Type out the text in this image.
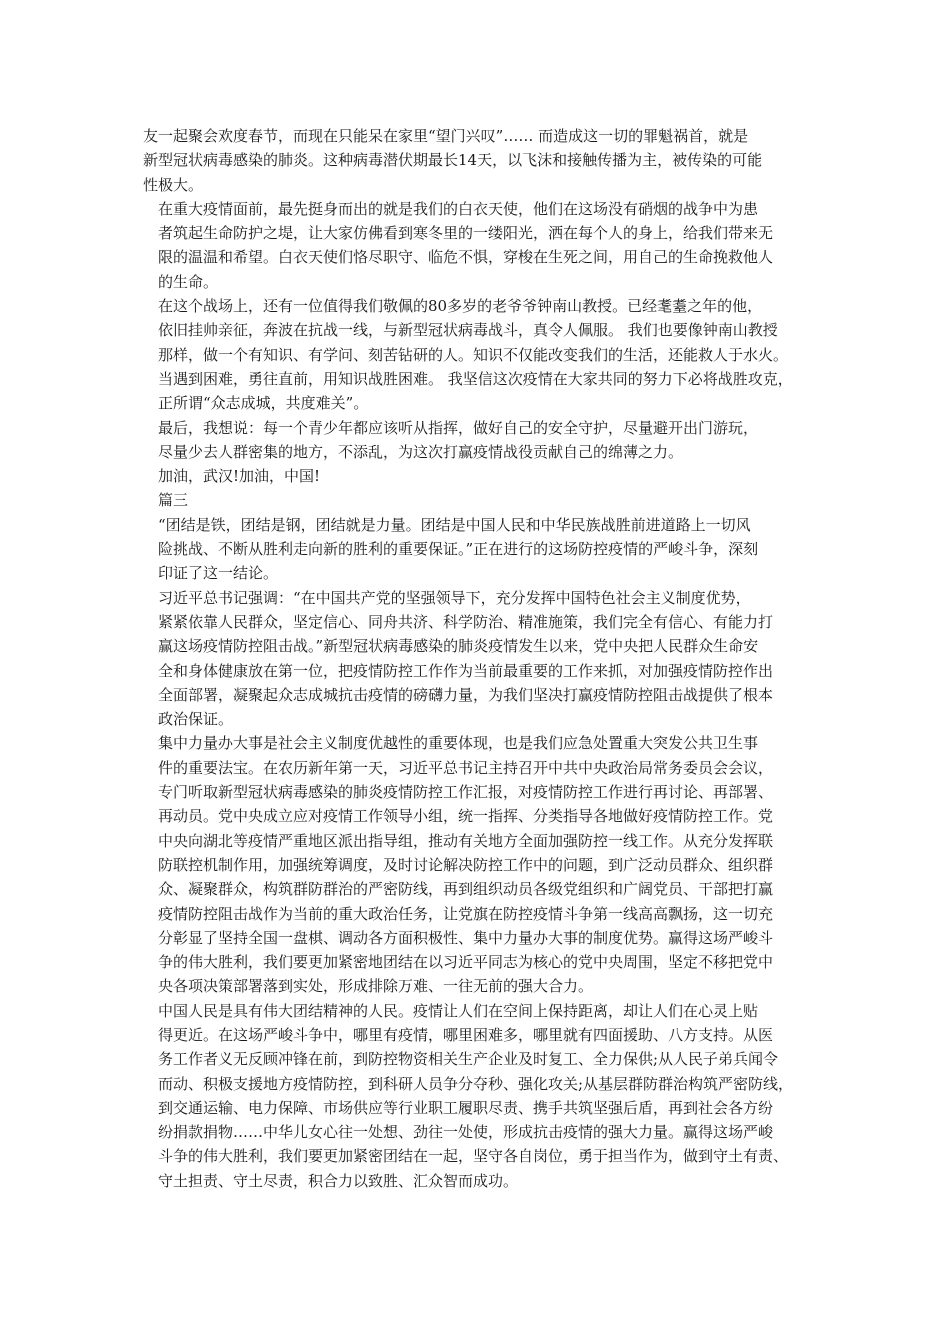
友一起聚会欢度春节，而现在只能呆在家里“望门兴叹”…… 而造成这一切的罪魁祸首，就是
新型冠状病毒感染的肺炎。这种病毒潜伏期最长14天，以飞沫和接触传播为主，被传染的可能
性极大。
在重大疫情面前，最先挺身而出的就是我们的白衣天使，他们在这场没有硝烟的战争中为患
者筑起生命防护之堤，让大家仿佛看到寒冬里的一缕阳光，洒在每个人的身上，给我们带来无
限的温温和希望。白衣天使们恪尽职守、临危不惧，穿梭在生死之间，用自己的生命挽救他人
的生命。
在这个战场上，还有一位值得我们敬佩的80多岁的老爷爷钟南山教授。已经耄耋之年的他，
依旧挂帅亲征，奔波在抗战一线，与新型冠状病毒战斗，真令人佩服。 我们也要像钟南山教授
那样，做一个有知识、有学问、刻苦钻研的人。知识不仅能改变我们的生活，还能救人于水火。
当遇到困难，勇往直前，用知识战胜困难。 我坚信这次疫情在大家共同的努力下必将战胜攻克，
正所谓“众志成城，共度难关”。
最后，我想说：每一个青少年都应该听从指挥，做好自己的安全守护，尽量避开出门游玩，
尽量少去人群密集的地方，不添乱，为这次打赢疫情战役贡献自己的绵薄之力。
加油，武汉!加油，中国!
篇三
“团结是铁，团结是钢，团结就是力量。团结是中国人民和中华民族战胜前进道路上一切风
险挑战、不断从胜利走向新的胜利的重要保证。”正在进行的这场防控疫情的严峻斗争，深刻
印证了这一结论。
习近平总书记强调：“在中国共产党的坚强领导下，充分发挥中国特色社会主义制度优势，
紧紧依靠人民群众，坚定信心、同舟共济、科学防治、精准施策，我们完全有信心、有能力打
赢这场疫情防控阻击战。”新型冠状病毒感染的肺炎疫情发生以来，党中央把人民群众生命安
全和身体健康放在第一位，把疫情防控工作作为当前最重要的工作来抓，对加强疫情防控作出
全面部署，凝聚起众志成城抗击疫情的磅礴力量，为我们坚决打赢疫情防控阻击战提供了根本
政治保证。
集中力量办大事是社会主义制度优越性的重要体现，也是我们应急处置重大突发公共卫生事
件的重要法宝。在农历新年第一天，习近平总书记主持召开中共中央政治局常务委员会会议，
专门听取新型冠状病毒感染的肺炎疫情防控工作汇报，对疫情防控工作进行再讨论、再部署、
再动员。党中央成立应对疫情工作领导小组，统一指挥、分类指导各地做好疫情防控工作。党
中央向湖北等疫情严重地区派出指导组，推动有关地方全面加强防控一线工作。从充分发挥联
防联控机制作用，加强统筹调度，及时讨论解决防控工作中的问题，到广泛动员群众、组织群
众、凝聚群众，构筑群防群治的严密防线，再到组织动员各级党组织和广阔党员、干部把打赢
疫情防控阻击战作为当前的重大政治任务，让党旗在防控疫情斗争第一线高高飘扬，这一切充
分彰显了坚持全国一盘棋、调动各方面积极性、集中力量办大事的制度优势。赢得这场严峻斗
争的伟大胜利，我们要更加紧密地团结在以习近平同志为核心的党中央周围，坚定不移把党中
央各项决策部署落到实处，形成排除万难、一往无前的强大合力。
中国人民是具有伟大团结精神的人民。疫情让人们在空间上保持距离，却让人们在心灵上贴
得更近。在这场严峻斗争中，哪里有疫情，哪里困难多，哪里就有四面援助、八方支持。从医
务工作者义无反顾冲锋在前，到防控物资相关生产企业及时复工、全力保供;从人民子弟兵闻令
而动、积极支援地方疫情防控，到科研人员争分夺秒、强化攻关;从基层群防群治构筑严密防线，
到交通运输、电力保障、市场供应等行业职工履职尽责、携手共筑坚强后盾，再到社会各方纷
纷捐款捐物……中华儿女心往一处想、劲往一处使，形成抗击疫情的强大力量。赢得这场严峻
斗争的伟大胜利，我们要更加紧密团结在一起，坚守各自岗位，勇于担当作为，做到守土有责、
守土担责、守土尽责，积合力以致胜、汇众智而成功。
